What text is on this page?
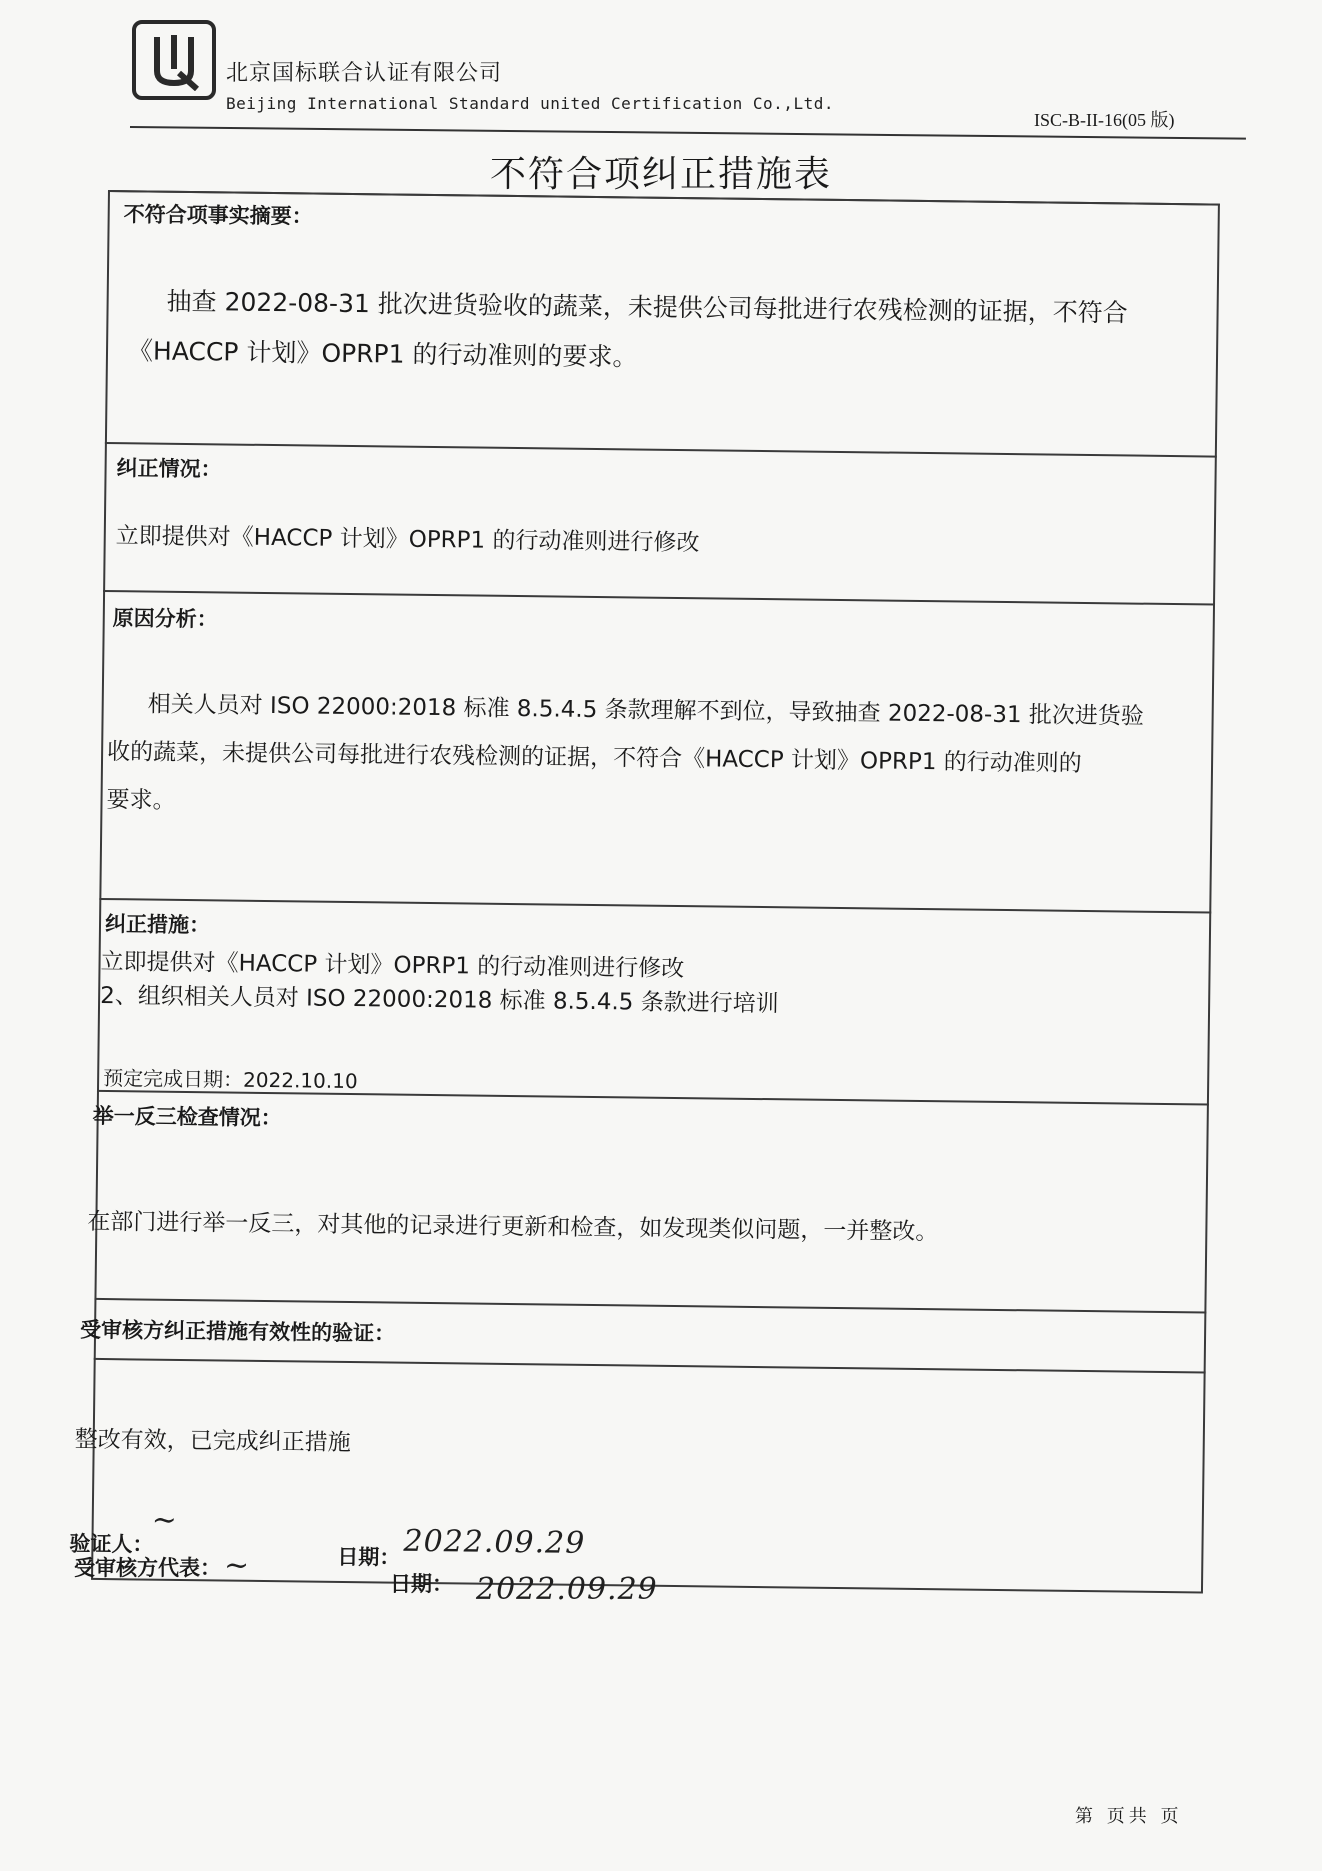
北京国标联合认证有限公司
Beijing International Standard united Certification Co.,Ltd.
ISC-B-II-16(05 版)
不符合项纠正措施表
不符合项事实摘要：
抽查 2022-08-31 批次进货验收的蔬菜，未提供公司每批进行农残检测的证据，不符合
《HACCP 计划》OPRP1 的行动准则的要求。
纠正情况：
立即提供对《HACCP 计划》OPRP1 的行动准则进行修改
原因分析：
相关人员对 ISO 22000:2018 标准 8.5.4.5 条款理解不到位，导致抽查 2022-08-31 批次进货验
收的蔬菜，未提供公司每批进行农残检测的证据，不符合《HACCP 计划》OPRP1 的行动准则的
要求。
纠正措施：
立即提供对《HACCP 计划》OPRP1 的行动准则进行修改
2、组织相关人员对 ISO 22000:2018 标准 8.5.4.5 条款进行培训
预定完成日期：2022.10.10
举一反三检查情况：
在部门进行举一反三，对其他的记录进行更新和检查，如发现类似问题，一并整改。
受审核方纠正措施有效性的验证：
整改有效，已完成纠正措施
验证人：
~
日期： 2022.09.29
受审核方代表： ~
日期： 2022.09.29
第 页共 页
